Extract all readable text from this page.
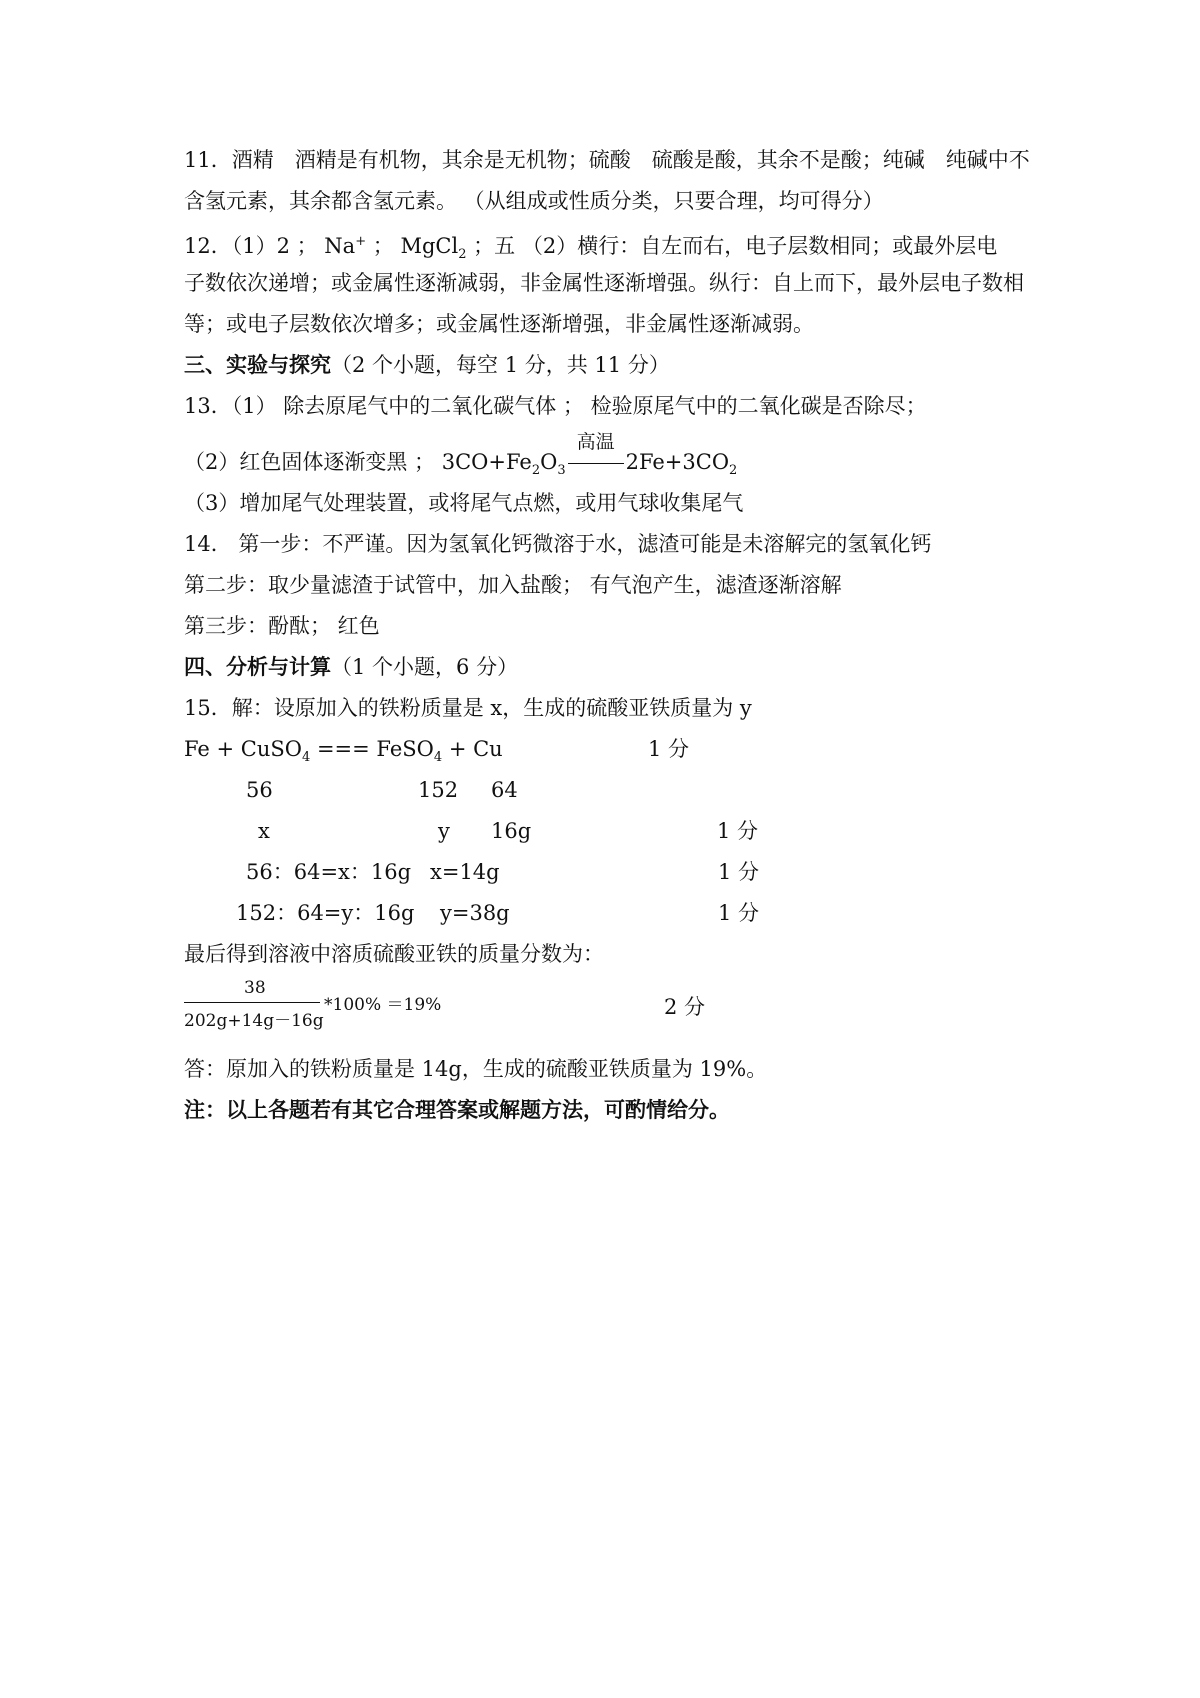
11．酒精　酒精是有机物，其余是无机物；硫酸　硫酸是酸，其余不是酸；纯碱　纯碱中不
含氢元素，其余都含氢元素。 （从组成或性质分类，只要合理，均可得分）
12．（1）2 ； Na+ ； MgCl$_2$ ；五 （2）横行：自左而右，电子层数相同；或最外层电
子数依次递增；或金属性逐渐减弱，非金属性逐渐增强。纵行：自上而下，最外层电子数相
等；或电子层数依次增多；或金属性逐渐增强，非金属性逐渐减弱。
三、实验与探究（2 个小题，每空 1 分，共 11 分）
13．（1） 除去原尾气中的二氧化碳气体 ； 检验原尾气中的二氧化碳是否除尽；
（2）红色固体逐渐变黑 ； $3CO+Fe_2O_3$
高温
$2Fe+3CO_2$
（3）增加尾气处理装置，或将尾气点燃，或用气球收集尾气
14． 第一步：不严谨。因为氢氧化钙微溶于水，滤渣可能是未溶解完的氢氧化钙
第二步：取少量滤渣于试管中，加入盐酸； 有气泡产生，滤渣逐渐溶解
第三步：酚酞； 红色
四、分析与计算（1 个小题，6 分）
15．解：设原加入的铁粉质量是 x，生成的硫酸亚铁质量为 y
Fe + CuSO$_4$ === FeSO$_4$ + Cu	1 分
56	152 64
x	y 16g	1 分
56：64=x：16g x=14g	1 分
152：64=y：16g y=38g	1 分
最后得到溶液中溶质硫酸亚铁的质量分数为：
38
202g+14g－16g
*100% ＝19%	2 分
答：原加入的铁粉质量是 14g，生成的硫酸亚铁质量为 19%。
注：以上各题若有其它合理答案或解题方法，可酌情给分。
